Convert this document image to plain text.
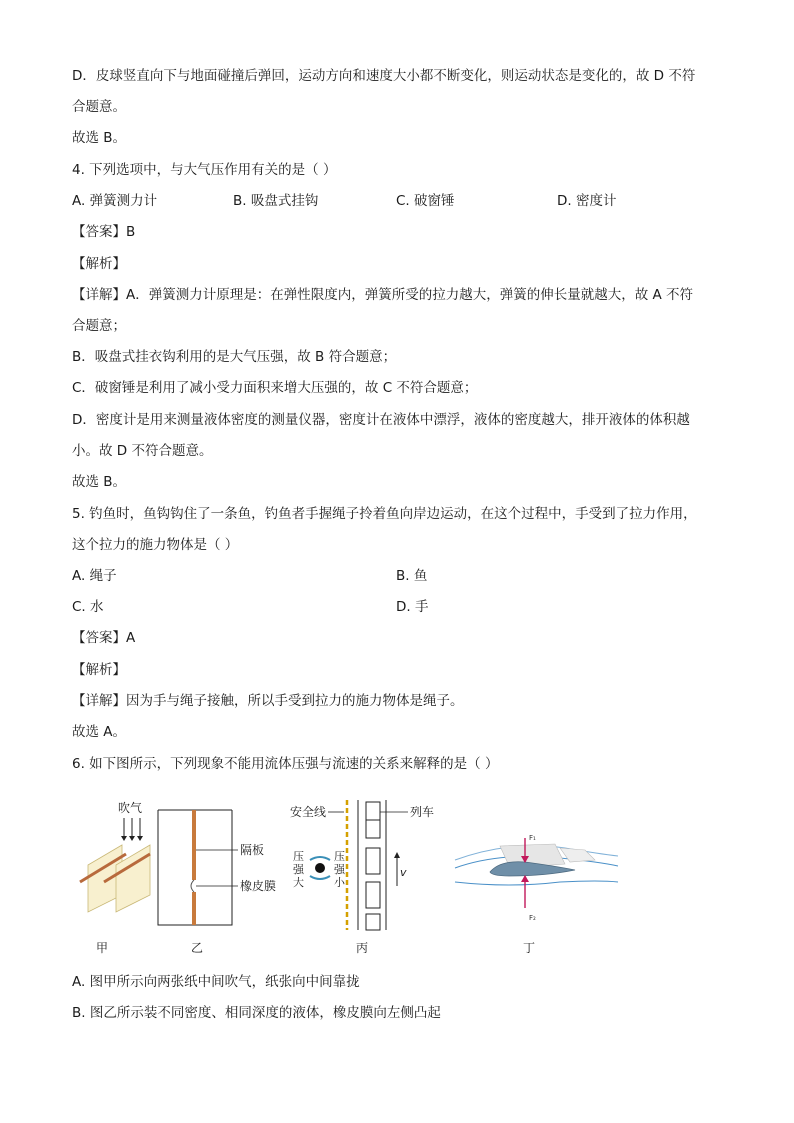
D．皮球竖直向下与地面碰撞后弹回，运动方向和速度大小都不断变化，则运动状态是变化的，故 D 不符
合题意。
故选 B。
4. 下列选项中，与大气压作用有关的是（ ）
A. 弹簧测力计	B. 吸盘式挂钩	C. 破窗锤	D. 密度计
【答案】B
【解析】
【详解】A．弹簧测力计原理是：在弹性限度内，弹簧所受的拉力越大，弹簧的伸长量就越大，故 A 不符
合题意；
B．吸盘式挂衣钩利用的是大气压强，故 B 符合题意；
C．破窗锤是利用了减小受力面积来增大压强的，故 C 不符合题意；
D．密度计是用来测量液体密度的测量仪器，密度计在液体中漂浮，液体的密度越大，排开液体的体积越
小。故 D 不符合题意。
故选 B。
5. 钓鱼时，鱼钩钩住了一条鱼，钓鱼者手握绳子拎着鱼向岸边运动，在这个过程中，手受到了拉力作用，
这个拉力的施力物体是（ ）
A. 绳子	B. 鱼
C. 水	D. 手
【答案】A
【解析】
【详解】因为手与绳子接触，所以手受到拉力的施力物体是绳子。
故选 A。
6. 如下图所示，下列现象不能用流体压强与流速的关系来解释的是（ ）
吹气
甲
隔板
橡皮膜
乙
安全线	列车
v
压强大
压强小
丙
F₁
F₂
丁
A. 图甲所示向两张纸中间吹气，纸张向中间靠拢
B. 图乙所示装不同密度、相同深度的液体，橡皮膜向左侧凸起
